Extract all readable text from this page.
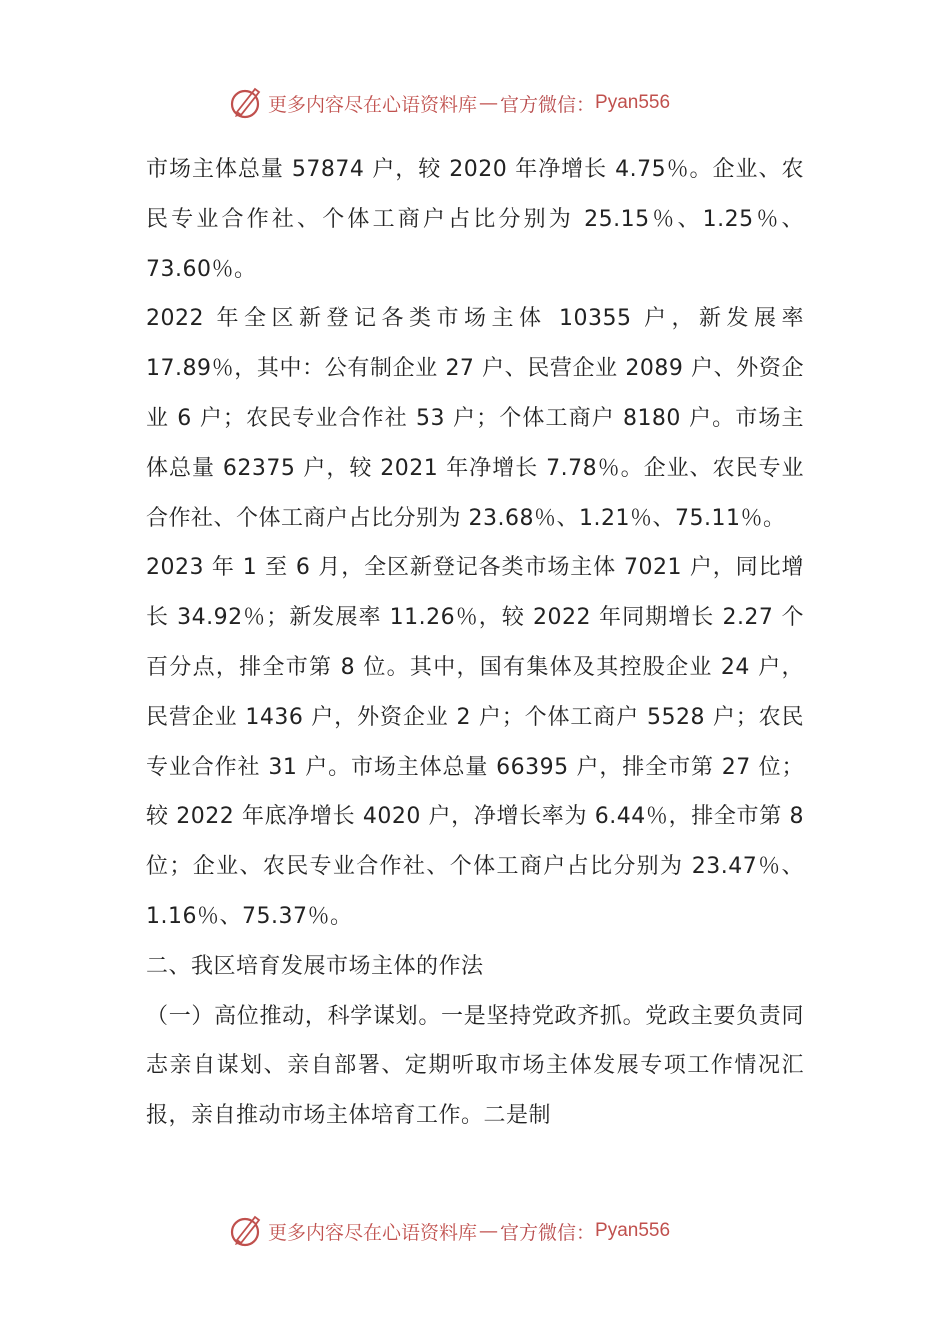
更多内容尽在心语资料库 — 官方微信： Pyan556

市场主体总量 57874 户，较 2020 年净增长 4.75％。企业、农民专业合作社、个体工商户占比分别为 25.15％、1.25％、73.60％。

2022 年全区新登记各类市场主体 10355 户，新发展率 17.89％，其中：公有制企业 27 户、民营企业 2089 户、外资企业 6 户；农民专业合作社 53 户；个体工商户 8180 户。市场主体总量 62375 户，较 2021 年净增长 7.78％。企业、农民专业合作社、个体工商户占比分别为 23.68％、1.21％、75.11％。

2023 年 1 至 6 月，全区新登记各类市场主体 7021 户，同比增长 34.92％；新发展率 11.26％，较 2022 年同期增长 2.27 个百分点，排全市第 8 位。其中，国有集体及其控股企业 24 户，民营企业 1436 户，外资企业 2 户；个体工商户 5528 户；农民专业合作社 31 户。市场主体总量 66395 户，排全市第 27 位；较 2022 年底净增长 4020 户，净增长率为 6.44％，排全市第 8 位；企业、农民专业合作社、个体工商户占比分别为 23.47％、1.16％、75.37％。

二、我区培育发展市场主体的作法

（一）高位推动，科学谋划。一是坚持党政齐抓。党政主要负责同志亲自谋划、亲自部署、定期听取市场主体发展专项工作情况汇报，亲自推动市场主体培育工作。二是制

更多内容尽在心语资料库 — 官方微信： Pyan556
